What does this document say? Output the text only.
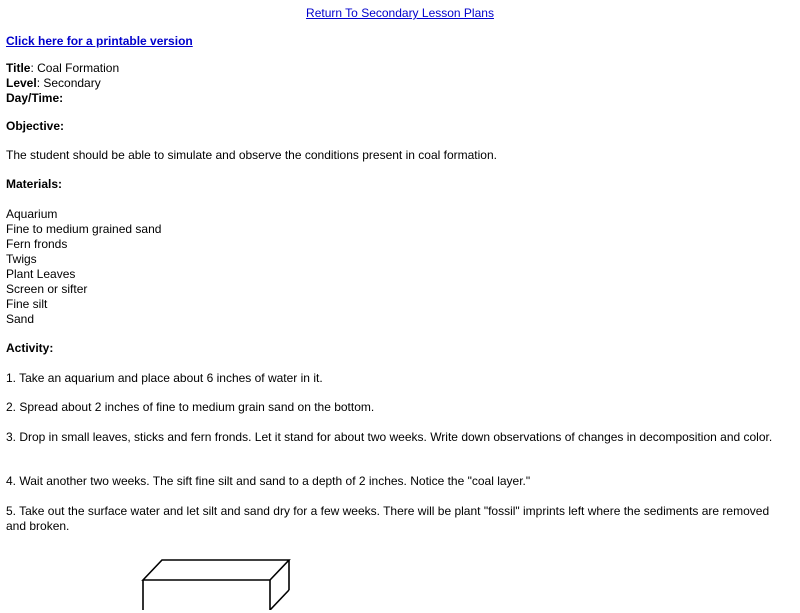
Return To Secondary Lesson Plans
Click here for a printable version
Title: Coal Formation
Level: Secondary
Day/Time:
Objective:
The student should be able to simulate and observe the conditions present in coal formation.
Materials:
Aquarium
Fine to medium grained sand
Fern fronds
Twigs
Plant Leaves
Screen or sifter
Fine silt
Sand
Activity:
1. Take an aquarium and place about 6 inches of water in it.
2. Spread about 2 inches of fine to medium grain sand on the bottom.
3. Drop in small leaves, sticks and fern fronds. Let it stand for about two weeks. Write down observations of changes in decomposition and color.
4. Wait another two weeks. The sift fine silt and sand to a depth of 2 inches. Notice the "coal layer."
5. Take out the surface water and let silt and sand dry for a few weeks. There will be plant "fossil" imprints left where the sediments are removed and broken.
